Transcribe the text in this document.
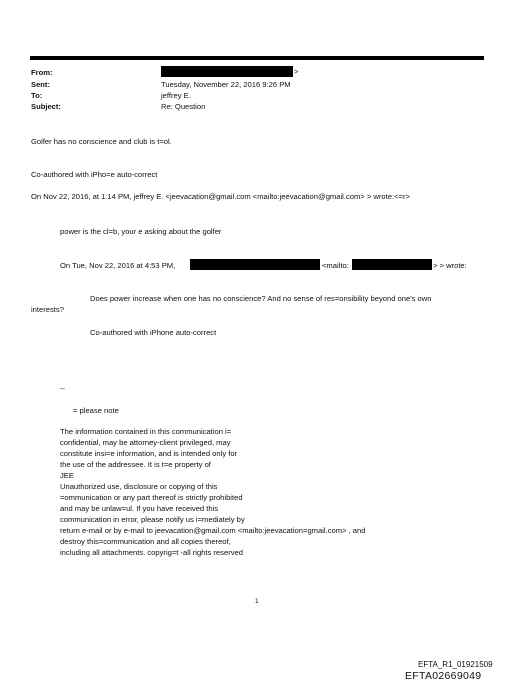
From:
Sent:
To:
Subject:
>
Tuesday, November 22, 2016 9:26 PM
jeffrey E.
Re: Question
Golfer has no conscience and club is t=ol.
Co-authored with iPho=e auto-correct
On Nov 22, 2016, at 1:14 PM, jeffrey E. <jeevacation@gmail.com <mailto:jeevacation@gmail.com> > wrote:<=r>
power is the cl=b, your e asking about the golfer
On Tue, Nov 22, 2016 at 4:53 PM,	<mailto:	> > wrote:
Does power increase when one has no conscience? And no sense of res=onsibility beyond one's own
interests?
Co-authored with iPhone auto-correct
--
= please note
The information contained in this communication i=
confidential, may be attorney-client privileged, may
constitute insi=e information, and is intended only for
the use of the addressee. It is t=e property of
JEE
Unauthorized use, disclosure or copying of this
=ommunication or any part thereof is strictly prohibited
and may be unlaw=ul. If you have received this
communication in error, please notify us i=mediately by
return e-mail or by e-mail to jeevacation@gmail.com <mailto:jeevacation=gmail.com> , and
destroy this=communication and all copies thereof,
including all attachments. copyrig=t -all rights reserved
1
EFTA_R1_01921509
EFTA02669049
